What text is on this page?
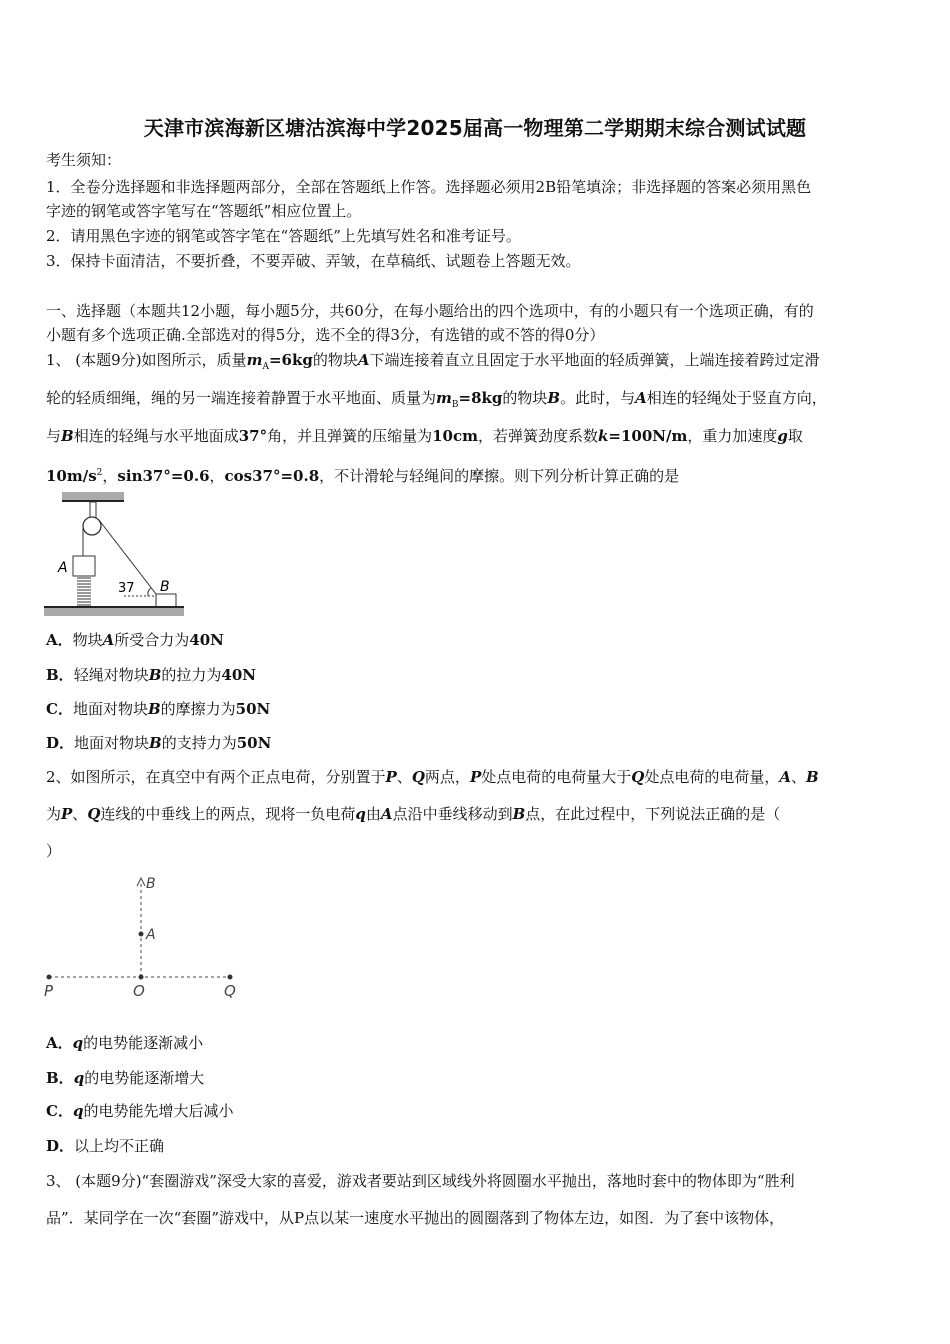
天津市滨海新区塘沽滨海中学2025届高一物理第二学期期末综合测试试题
考生须知：
1．全卷分选择题和非选择题两部分，全部在答题纸上作答。选择题必须用2B铅笔填涂；非选择题的答案必须用黑色
字迹的钢笔或答字笔写在“答题纸”相应位置上。
2．请用黑色字迹的钢笔或答字笔在“答题纸”上先填写姓名和准考证号。
3．保持卡面清洁，不要折叠，不要弄破、弄皱，在草稿纸、试题卷上答题无效。
一、选择题（本题共12小题，每小题5分，共60分，在每小题给出的四个选项中，有的小题只有一个选项正确，有的
小题有多个选项正确.全部选对的得5分，选不全的得3分，有选错的或不答的得0分）
1、 (本题9分)如图所示，质量$m_A=6kg$的物块A下端连接着直立且固定于水平地面的轻质弹簧，上端连接着跨过定滑
轮的轻质细绳，绳的另一端连接着静置于水平地面、质量为$m_B=8kg$的物块B。此时，与A相连的轻绳处于竖直方向，
与B相连的轻绳与水平地面成37°角，并且弹簧的压缩量为10cm，若弹簧劲度系数k=100N/m，重力加速度g取
$10m/s^2$，sin37°=0.6，cos37°=0.8，不计滑轮与轻绳间的摩擦。则下列分析计算正确的是
A．物块A所受合力为40N
B．轻绳对物块B的拉力为40N
C．地面对物块B的摩擦力为50N
D．地面对物块B的支持力为50N
2、如图所示，在真空中有两个正点电荷，分别置于P、Q两点，P处点电荷的电荷量大于Q处点电荷的电荷量，A、B
为P、Q连线的中垂线上的两点，现将一负电荷q由A点沿中垂线移动到B点，在此过程中，下列说法正确的是（
）
A．q的电势能逐渐减小
B．q的电势能逐渐增大
C．q的电势能先增大后减小
D．以上均不正确
3、 (本题9分)“套圈游戏”深受大家的喜爱，游戏者要站到区域线外将圆圈水平抛出，落地时套中的物体即为“胜利
品”．某同学在一次“套圈”游戏中，从P点以某一速度水平抛出的圆圈落到了物体左边，如图．为了套中该物体，
A
37 B
B
A
P	O	Q
